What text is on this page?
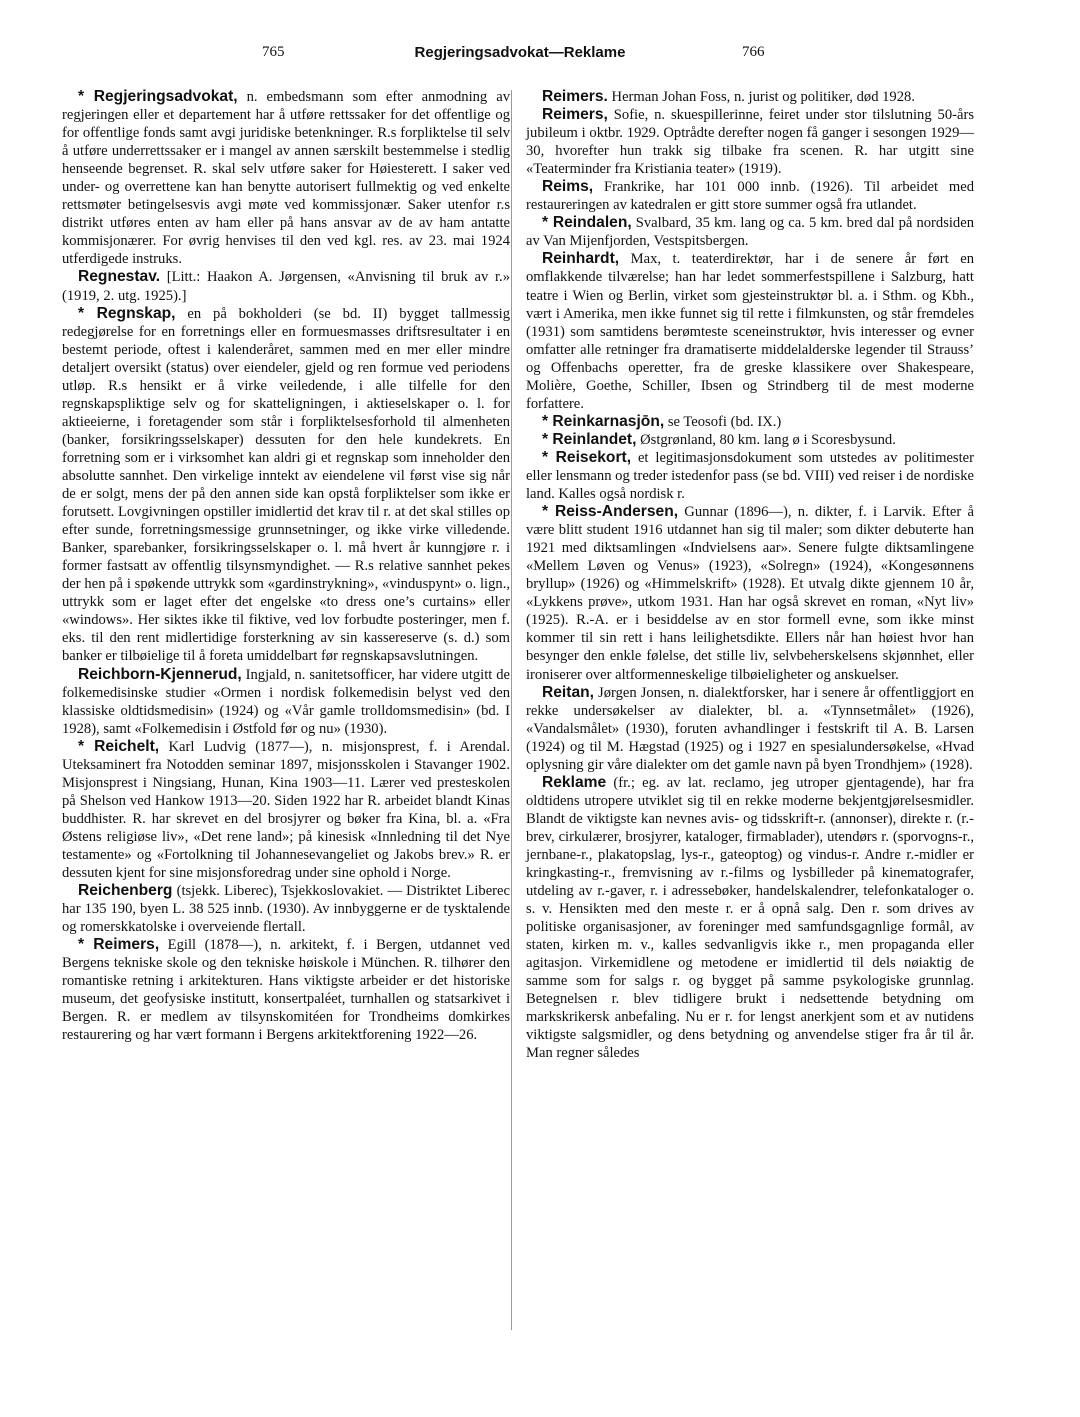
765	Regjeringsadvokat—Reklame	766

* Regjeringsadvokat, n. embedsmann som efter anmodning av regjeringen eller et departement har å utføre rettssaker for det offentlige og for offentlige fonds samt avgi juridiske betenkninger. R.s forpliktelse til selv å utføre underrettssaker er i mangel av annen særskilt bestemmelse i stedlig henseende begrenset. R. skal selv utføre saker for Høiesterett. I saker ved under- og overrettene kan han benytte autorisert fullmektig og ved enkelte rettsmøter betingelsesvis avgi møte ved kommissjonær. Saker utenfor r.s distrikt utføres enten av ham eller på hans ansvar av de av ham antatte kommisjonærer. For øvrig henvises til den ved kgl. res. av 23. mai 1924 utferdigede instruks.

Regnestav. [Litt.: Haakon A. Jørgensen, «Anvisning til bruk av r.» (1919, 2. utg. 1925).]

* Regnskap, en på bokholderi (se bd. II) bygget tallmessig redegjørelse for en forretnings eller en formuesmasses driftsresultater i en bestemt periode, oftest i kalenderåret, sammen med en mer eller mindre detaljert oversikt (status) over eiendeler, gjeld og ren formue ved periodens utløp. R.s hensikt er å virke veiledende, i alle tilfelle for den regnskapspliktige selv og for skatteligningen, i aktieselskaper o. l. for aktieeierne, i foretagender som står i forpliktelsesforhold til almenheten (banker, forsikringsselskaper) dessuten for den hele kundekrets. En forretning som er i virksomhet kan aldri gi et regnskap som inneholder den absolutte sannhet. Den virkelige inntekt av eiendelene vil først vise sig når de er solgt, mens der på den annen side kan opstå forpliktelser som ikke er forutsett. Lovgivningen opstiller imidlertid det krav til r. at det skal stilles op efter sunde, forretningsmessige grunnsetninger, og ikke virke villedende. Banker, sparebanker, forsikringsselskaper o. l. må hvert år kunngjøre r. i former fastsatt av offentlig tilsynsmyndighet. — R.s relative sannhet pekes der hen på i spøkende uttrykk som «gardinstrykning», «vinduspynt» o. lign., uttrykk som er laget efter det engelske «to dress one’s curtains» eller «windows». Her siktes ikke til fiktive, ved lov forbudte posteringer, men f. eks. til den rent midlertidige forsterkning av sin kassereserve (s. d.) som banker er tilbøielige til å foreta umiddelbart før regnskapsavslutningen.

Reichborn-Kjennerud, Ingjald, n. sanitetsofficer, har videre utgitt de folkemedisinske studier «Ormen i nordisk folkemedisin belyst ved den klassiske oldtidsmedisin» (1924) og «Vår gamle trolldomsmedisin» (bd. I 1928), samt «Folkemedisin i Østfold før og nu» (1930).

* Reichelt, Karl Ludvig (1877—), n. misjonsprest, f. i Arendal. Uteksaminert fra Notodden seminar 1897, misjonsskolen i Stavanger 1902. Misjonsprest i Ningsiang, Hunan, Kina 1903—11. Lærer ved presteskolen på Shelson ved Hankow 1913—20. Siden 1922 har R. arbeidet blandt Kinas buddhister. R. har skrevet en del brosjyrer og bøker fra Kina, bl. a. «Fra Østens religiøse liv», «Det rene land»; på kinesisk «Innledning til det Nye testamente» og «Fortolkning til Johannesevangeliet og Jakobs brev.» R. er dessuten kjent for sine misjonsforedrag under sine ophold i Norge.

Reichenberg (tsjekk. Liberec), Tsjekkoslovakiet. — Distriktet Liberec har 135 190, byen L. 38 525 innb. (1930). Av innbyggerne er de tysktalende og romerskkatolske i overveiende flertall.

* Reimers, Egill (1878—), n. arkitekt, f. i Bergen, utdannet ved Bergens tekniske skole og den tekniske høiskole i München. R. tilhører den romantiske retning i arkitekturen. Hans viktigste arbeider er det historiske museum, det geofysiske institutt, konsertpaléet, turnhallen og statsarkivet i Bergen. R. er medlem av tilsynskomitéen for Trondheims domkirkes restaurering og har vært formann i Bergens arkitektforening 1922—26.

Reimers. Herman Johan Foss, n. jurist og politiker, død 1928.

Reimers, Sofie, n. skuespillerinne, feiret under stor tilslutning 50-års jubileum i oktbr. 1929. Optrådte derefter nogen få ganger i sesongen 1929—30, hvorefter hun trakk sig tilbake fra scenen. R. har utgitt sine «Teaterminder fra Kristiania teater» (1919).

Reims, Frankrike, har 101 000 innb. (1926). Til arbeidet med restaureringen av katedralen er gitt store summer også fra utlandet.

* Reindalen, Svalbard, 35 km. lang og ca. 5 km. bred dal på nordsiden av Van Mijenfjorden, Vestspitsbergen.

Reinhardt, Max, t. teaterdirektør, har i de senere år ført en omflakkende tilværelse; han har ledet sommerfestspillene i Salzburg, hatt teatre i Wien og Berlin, virket som gjesteinstruktør bl. a. i Sthm. og Kbh., vært i Amerika, men ikke funnet sig til rette i filmkunsten, og står fremdeles (1931) som samtidens berømteste sceneinstruktør, hvis interesser og evner omfatter alle retninger fra dramatiserte middelalderske legender til Strauss’ og Offenbachs operetter, fra de greske klassikere over Shakespeare, Molière, Goethe, Schiller, Ibsen og Strindberg til de mest moderne forfattere.

* Reinkarnasjōn, se Teosofi (bd. IX.)

* Reinlandet, Østgrønland, 80 km. lang ø i Scoresbysund.

* Reisekort, et legitimasjonsdokument som utstedes av politimester eller lensmann og treder istedenfor pass (se bd. VIII) ved reiser i de nordiske land. Kalles også nordisk r.

* Reiss-Andersen, Gunnar (1896—), n. dikter, f. i Larvik. Efter å være blitt student 1916 utdannet han sig til maler; som dikter debuterte han 1921 med diktsamlingen «Indvielsens aar». Senere fulgte diktsamlingene «Mellem Løven og Venus» (1923), «Solregn» (1924), «Kongesønnens bryllup» (1926) og «Himmelskrift» (1928). Et utvalg dikte gjennem 10 år, «Lykkens prøve», utkom 1931. Han har også skrevet en roman, «Nyt liv» (1925). R.-A. er i besiddelse av en stor formell evne, som ikke minst kommer til sin rett i hans leilighetsdikte. Ellers når han høiest hvor han besynger den enkle følelse, det stille liv, selvbeherskelsens skjønnhet, eller ironiserer over altformenneskelige tilbøieligheter og anskuelser.

Reitan, Jørgen Jonsen, n. dialektforsker, har i senere år offentliggjort en rekke undersøkelser av dialekter, bl. a. «Tynnsetmålet» (1926), «Vandalsmålet» (1930), foruten avhandlinger i festskrift til A. B. Larsen (1924) og til M. Hægstad (1925) og i 1927 en spesialundersøkelse, «Hvad oplysning gir våre dialekter om det gamle navn på byen Trondhjem» (1928).

Reklame (fr.; eg. av lat. reclamo, jeg utroper gjentagende), har fra oldtidens utropere utviklet sig til en rekke moderne bekjentgjørelsesmidler. Blandt de viktigste kan nevnes avis- og tidsskrift-r. (annonser), direkte r. (r.-brev, cirkulærer, brosjyrer, kataloger, firmablader), utendørs r. (sporvogns-r., jernbane-r., plakatopslag, lys-r., gateoptog) og vindus-r. Andre r.-midler er kringkasting-r., fremvisning av r.-films og lysbilleder på kinematografer, utdeling av r.-gaver, r. i adressebøker, handelskalendrer, telefonkataloger o. s. v. Hensikten med den meste r. er å opnå salg. Den r. som drives av politiske organisasjoner, av foreninger med samfundsgagnlige formål, av staten, kirken m. v., kalles sedvanligvis ikke r., men propaganda eller agitasjon. Virkemidlene og metodene er imidlertid til dels nøiaktig de samme som for salgs r. og bygget på samme psykologiske grunnlag. Betegnelsen r. blev tidligere brukt i nedsettende betydning om markskrikersk anbefaling. Nu er r. for lengst anerkjent som et av nutidens viktigste salgsmidler, og dens betydning og anvendelse stiger fra år til år. Man regner således
